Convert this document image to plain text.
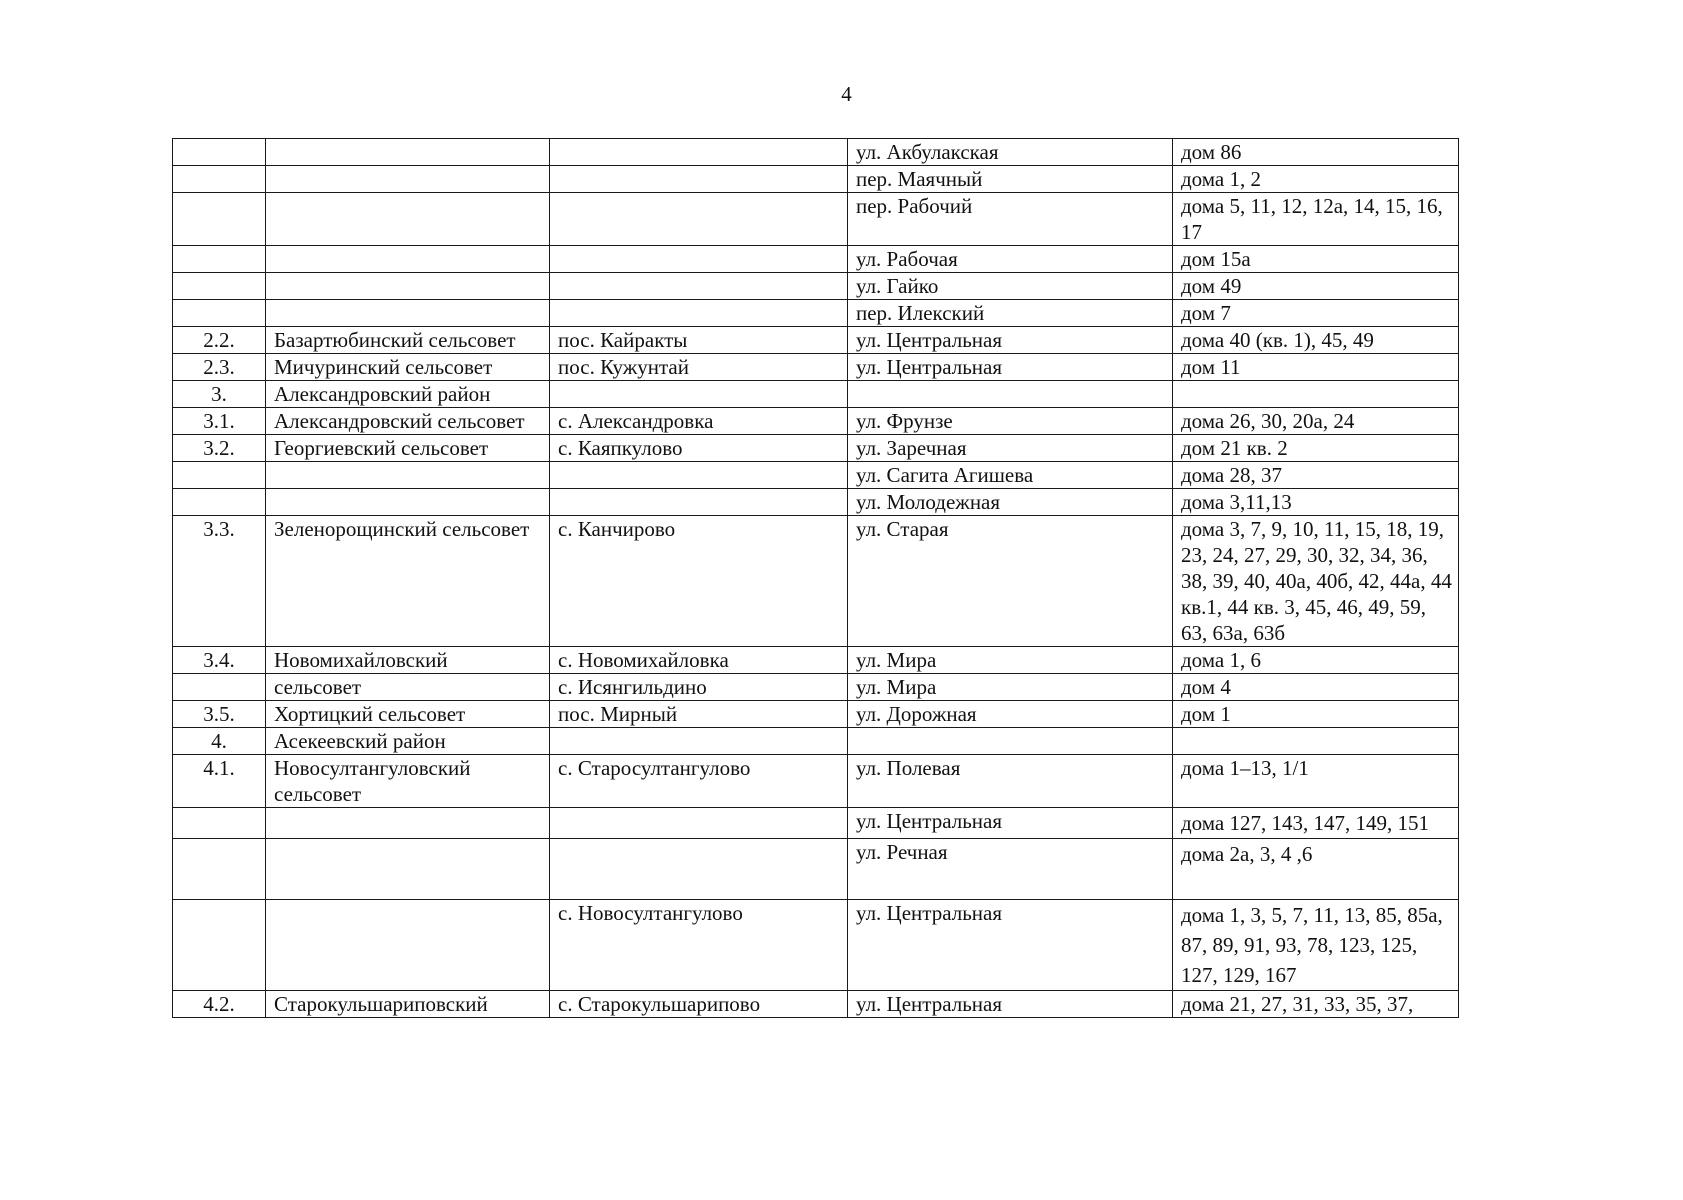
4
			ул. Акбулакская	дом 86
			пер. Маячный	дома 1, 2
			пер. Рабочий	дома 5, 11, 12, 12а, 14, 15, 16, 17
			ул. Рабочая	дом 15а
			ул. Гайко	дом 49
			пер. Илекский	дом 7
2.2.	Базартюбинский сельсовет	пос. Кайракты	ул. Центральная	дома 40 (кв. 1), 45, 49
2.3.	Мичуринский сельсовет	пос. Кужунтай	ул. Центральная	дом 11
3.	Александровский район			
3.1.	Александровский сельсовет	с. Александровка	ул. Фрунзе	дома 26, 30, 20а, 24
3.2.	Георгиевский сельсовет	с. Каяпкулово	ул. Заречная	дом 21 кв. 2
			ул. Сагита Агишева	дома 28, 37
			ул. Молодежная	дома 3,11,13
3.3.	Зеленорощинский сельсовет	с. Канчирово	ул. Старая	дома 3, 7, 9, 10, 11, 15, 18, 19, 23, 24, 27, 29, 30, 32, 34, 36, 38, 39, 40, 40а, 40б, 42, 44а, 44 кв.1, 44 кв. 3, 45, 46, 49, 59, 63, 63а, 63б
3.4.	Новомихайловский	с. Новомихайловка	ул. Мира	дома 1, 6
	сельсовет	с. Исянгильдино	ул. Мира	дом 4
3.5.	Хортицкий сельсовет	пос. Мирный	ул. Дорожная	дом 1
4.	Асекеевский район			
4.1.	Новосултангуловский сельсовет	с. Старосултангулово	ул. Полевая	дома 1–13, 1/1
			ул. Центральная	дома 127, 143, 147, 149, 151
			ул. Речная	дома 2а, 3, 4 ,6
		с. Новосултангулово	ул. Центральная	дома 1, 3, 5, 7, 11, 13, 85, 85а, 87, 89, 91, 93, 78, 123, 125, 127, 129, 167
4.2.	Старокульшариповский	с. Старокульшарипово	ул. Центральная	дома 21, 27, 31, 33, 35, 37,
